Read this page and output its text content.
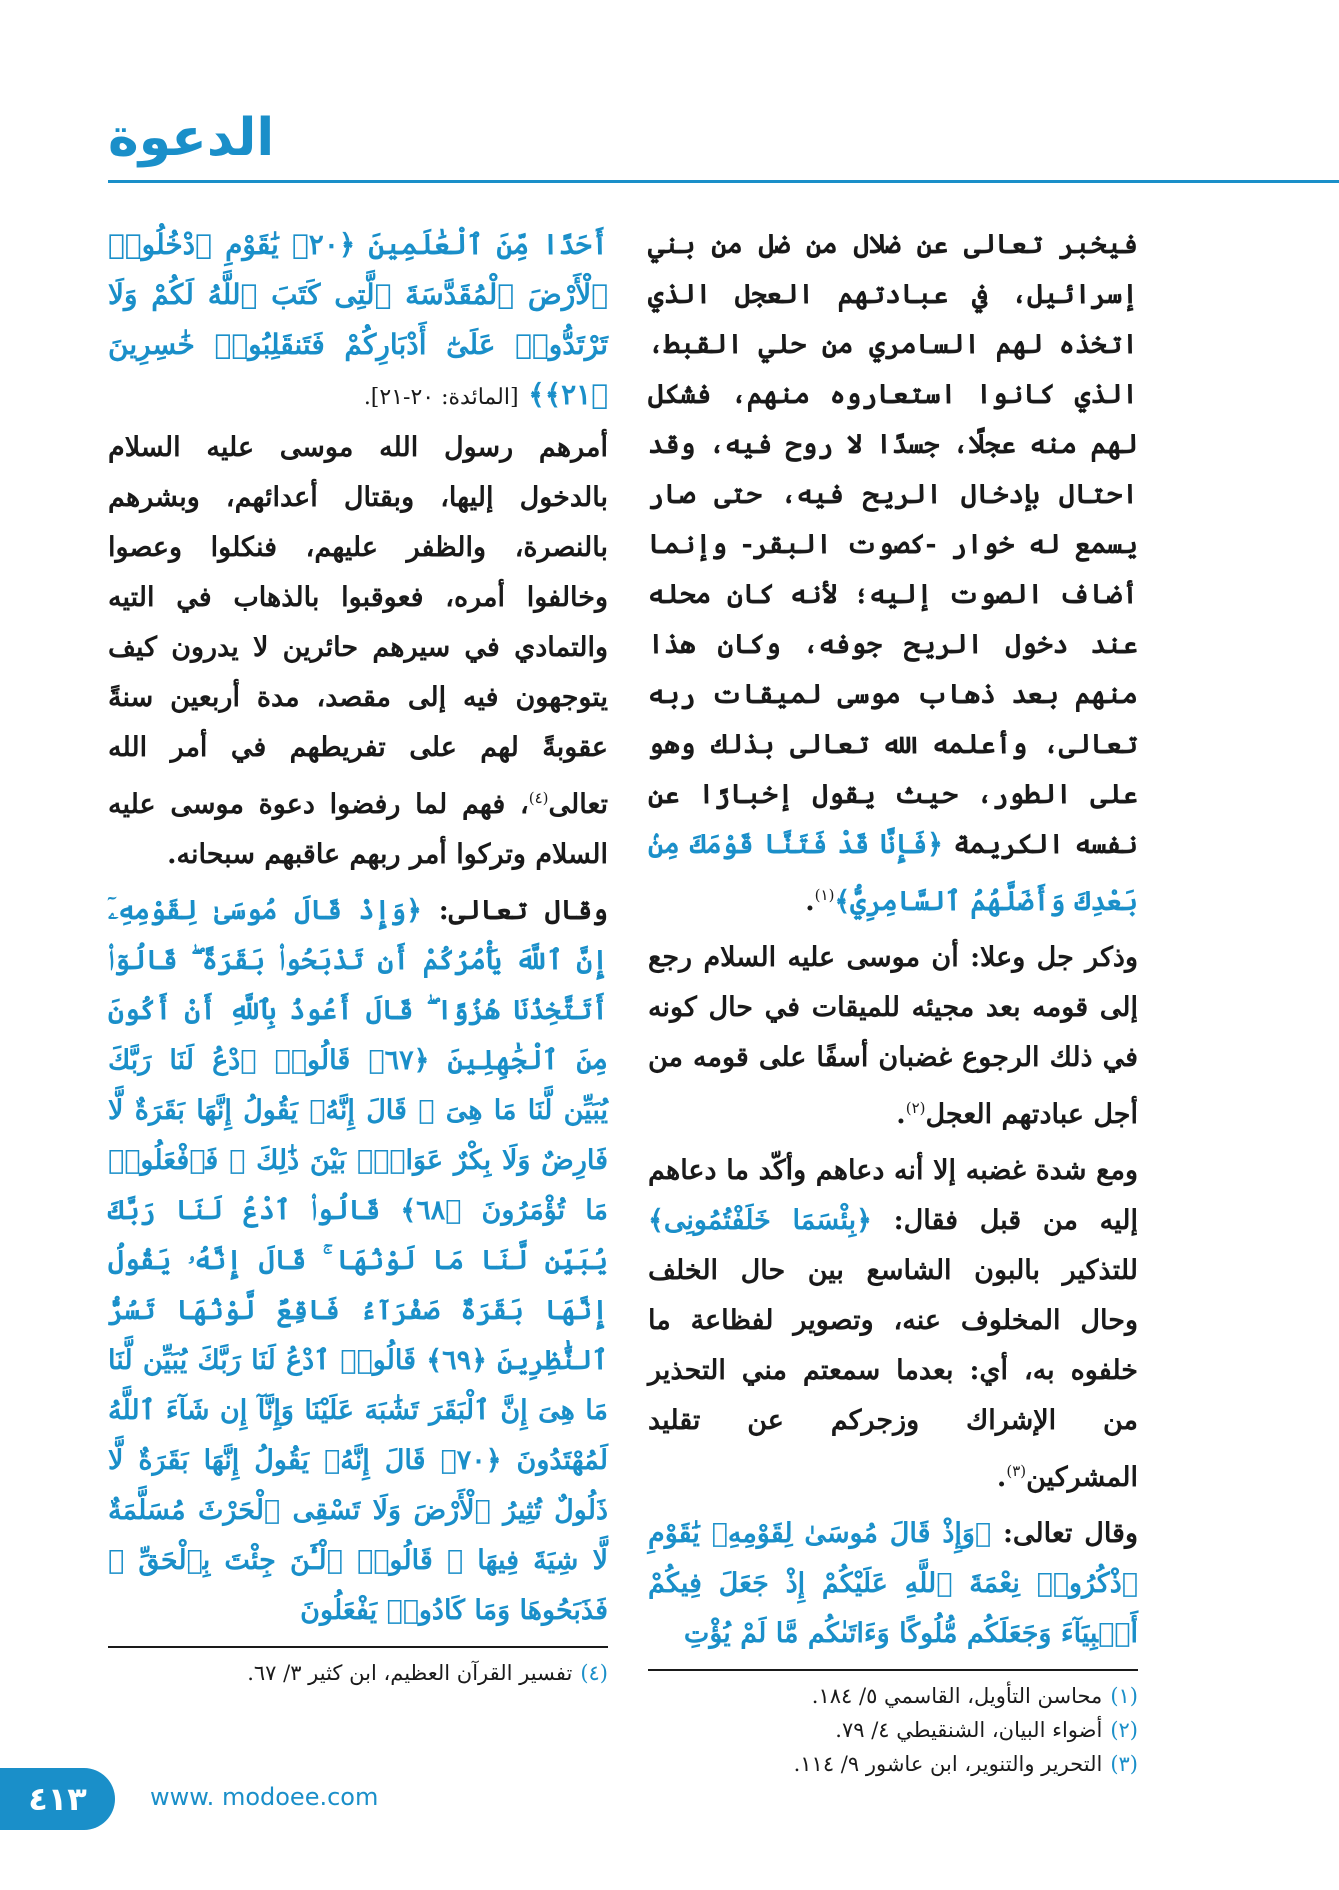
الدعوة

فيخبر تعالى عن ضلال من ضل من بني إسرائيل، في عبادتهم العجل الذي اتخذه لهم السامري من حلي القبط، الذي كانوا استعاروه منهم، فشكل لهم منه عجلًا، جسدًا لا روح فيه، وقد احتال بإدخال الريح فيه، حتى صار يسمع له خوار -كصوت البقر- وإنما أضاف الصوت إليه؛ لأنه كان محله عند دخول الريح جوفه، وكان هذا منهم بعد ذهاب موسى لميقات ربه تعالى، وأعلمه الله تعالى بذلك وهو على الطور، حيث يقول إخبارًا عن نفسه الكريمة ﴿فَإِنَّا قَدْ فَتَنَّا قَوْمَكَ مِنۢ بَعْدِكَ وَأَضَلَّهُمُ ٱلسَّامِرِيُّ﴾$^{(١)}$.

وذكر جل وعلا: أن موسى عليه السلام رجع إلى قومه بعد مجيئه للميقات في حال كونه في ذلك الرجوع غضبان أسفًا على قومه من أجل عبادتهم العجل$^{(٢)}$.

ومع شدة غضبه إلا أنه دعاهم وأكّد ما دعاهم إليه من قبل فقال: ﴿بِئْسَمَا خَلَفْتُمُونِى﴾ للتذكير بالبون الشاسع بين حال الخلف وحال المخلوف عنه، وتصوير لفظاعة ما خلفوه به، أي: بعدما سمعتم مني التحذير من الإشراك وزجركم عن تقليد المشركين$^{(٣)}$.

وقال تعالى: ﴿وَإِذْ قَالَ مُوسَىٰ لِقَوْمِهِۦ يَٰقَوْمِ ٱذْكُرُوا۟ نِعْمَةَ ٱللَّهِ عَلَيْكُمْ إِذْ جَعَلَ فِيكُمْ أَنۢبِيَآءَ وَجَعَلَكُم مُّلُوكًا وَءَاتَىٰكُم مَّا لَمْ يُؤْتِ

(١)محاسن التأويل، القاسمي ٥/ ١٨٤.
(٢)أضواء البيان، الشنقيطي ٤/ ٧٩.
(٣)التحرير والتنوير، ابن عاشور ٩/ ١١٤.

أَحَدًا مِّنَ ٱلْعَٰلَمِينَ ﴿٢٠﴾ يَٰقَوْمِ ٱدْخُلُوا۟ ٱلْأَرْضَ ٱلْمُقَدَّسَةَ ٱلَّتِى كَتَبَ ٱللَّهُ لَكُمْ وَلَا تَرْتَدُّوا۟ عَلَىٰٓ أَدْبَارِكُمْ فَتَنقَلِبُوا۟ خَٰسِرِينَ ﴿٢١﴾﴾ [المائدة: ٢٠-٢١].

أمرهم رسول الله موسى عليه السلام بالدخول إليها، وبقتال أعدائهم، وبشرهم بالنصرة، والظفر عليهم، فنكلوا وعصوا وخالفوا أمره، فعوقبوا بالذهاب في التيه والتمادي في سيرهم حائرين لا يدرون كيف يتوجهون فيه إلى مقصد، مدة أربعين سنةً عقوبةً لهم على تفريطهم في أمر الله تعالى$^{(٤)}$، فهم لما رفضوا دعوة موسى عليه السلام وتركوا أمر ربهم عاقبهم سبحانه.

وقال تعالى: ﴿وَإِذْ قَالَ مُوسَىٰ لِقَوْمِهِۦٓ إِنَّ ٱللَّهَ يَأْمُرُكُمْ أَن تَذْبَحُوا۟ بَقَرَةً ۖ قَالُوٓا۟ أَتَتَّخِذُنَا هُزُوًا ۖ قَالَ أَعُوذُ بِٱللَّهِ أَنْ أَكُونَ مِنَ ٱلْجَٰهِلِينَ ﴿٦٧﴾ قَالُوا۟ ٱدْعُ لَنَا رَبَّكَ يُبَيِّن لَّنَا مَا هِىَ ۚ قَالَ إِنَّهُۥ يَقُولُ إِنَّهَا بَقَرَةٌ لَّا فَارِضٌ وَلَا بِكْرٌ عَوَانٌۢ بَيْنَ ذَٰلِكَ ۖ فَٱفْعَلُوا۟ مَا تُؤْمَرُونَ ﴿٦٨﴾ قَالُوا۟ ٱدْعُ لَنَا رَبَّكَ يُبَيِّن لَّنَا مَا لَوْنُهَا ۚ قَالَ إِنَّهُۥ يَقُولُ إِنَّهَا بَقَرَةٌ صَفْرَآءُ فَاقِعٌ لَّوْنُهَا تَسُرُّ ٱلنَّٰظِرِينَ ﴿٦٩﴾ قَالُوا۟ ٱدْعُ لَنَا رَبَّكَ يُبَيِّن لَّنَا مَا هِىَ إِنَّ ٱلْبَقَرَ تَشَٰبَهَ عَلَيْنَا وَإِنَّآ إِن شَآءَ ٱللَّهُ لَمُهْتَدُونَ ﴿٧٠﴾ قَالَ إِنَّهُۥ يَقُولُ إِنَّهَا بَقَرَةٌ لَّا ذَلُولٌ تُثِيرُ ٱلْأَرْضَ وَلَا تَسْقِى ٱلْحَرْثَ مُسَلَّمَةٌ لَّا شِيَةَ فِيهَا ۚ قَالُوا۟ ٱلْـَٰٔنَ جِئْتَ بِٱلْحَقِّ ۚ فَذَبَحُوهَا وَمَا كَادُوا۟ يَفْعَلُونَ

(٤)تفسير القرآن العظيم، ابن كثير ٣/ ٦٧.
٤١٣	www. modoee.com
